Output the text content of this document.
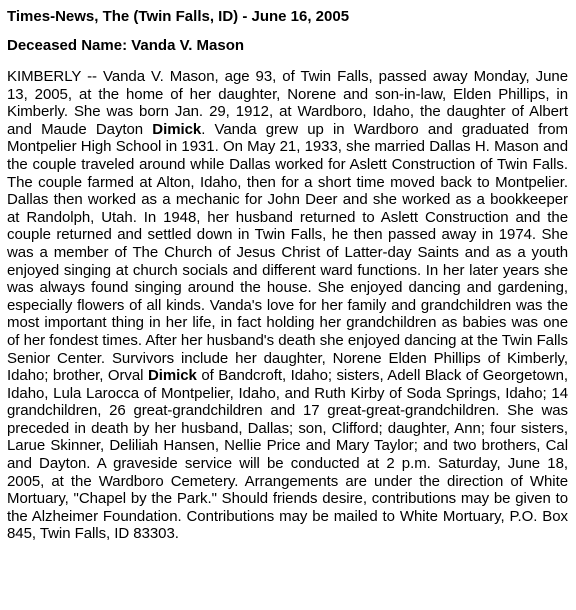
Times-News, The (Twin Falls, ID) - June 16, 2005
Deceased Name: Vanda V. Mason
KIMBERLY -- Vanda V. Mason, age 93, of Twin Falls, passed away Monday, June 13, 2005, at the home of her daughter, Norene and son-in-law, Elden Phillips, in Kimberly. She was born Jan. 29, 1912, at Wardboro, Idaho, the daughter of Albert and Maude Dayton Dimick. Vanda grew up in Wardboro and graduated from Montpelier High School in 1931. On May 21, 1933, she married Dallas H. Mason and the couple traveled around while Dallas worked for Aslett Construction of Twin Falls. The couple farmed at Alton, Idaho, then for a short time moved back to Montpelier. Dallas then worked as a mechanic for John Deer and she worked as a bookkeeper at Randolph, Utah. In 1948, her husband returned to Aslett Construction and the couple returned and settled down in Twin Falls, he then passed away in 1974. She was a member of The Church of Jesus Christ of Latter-day Saints and as a youth enjoyed singing at church socials and different ward functions. In her later years she was always found singing around the house. She enjoyed dancing and gardening, especially flowers of all kinds. Vanda's love for her family and grandchildren was the most important thing in her life, in fact holding her grandchildren as babies was one of her fondest times. After her husband's death she enjoyed dancing at the Twin Falls Senior Center. Survivors include her daughter, Norene Elden Phillips of Kimberly, Idaho; brother, Orval Dimick of Bandcroft, Idaho; sisters, Adell Black of Georgetown, Idaho, Lula Larocca of Montpelier, Idaho, and Ruth Kirby of Soda Springs, Idaho; 14 grandchildren, 26 great-grandchildren and 17 great-great-grandchildren. She was preceded in death by her husband, Dallas; son, Clifford; daughter, Ann; four sisters, Larue Skinner, Deliliah Hansen, Nellie Price and Mary Taylor; and two brothers, Cal and Dayton. A graveside service will be conducted at 2 p.m. Saturday, June 18, 2005, at the Wardboro Cemetery. Arrangements are under the direction of White Mortuary, "Chapel by the Park." Should friends desire, contributions may be given to the Alzheimer Foundation. Contributions may be mailed to White Mortuary, P.O. Box 845, Twin Falls, ID 83303.
